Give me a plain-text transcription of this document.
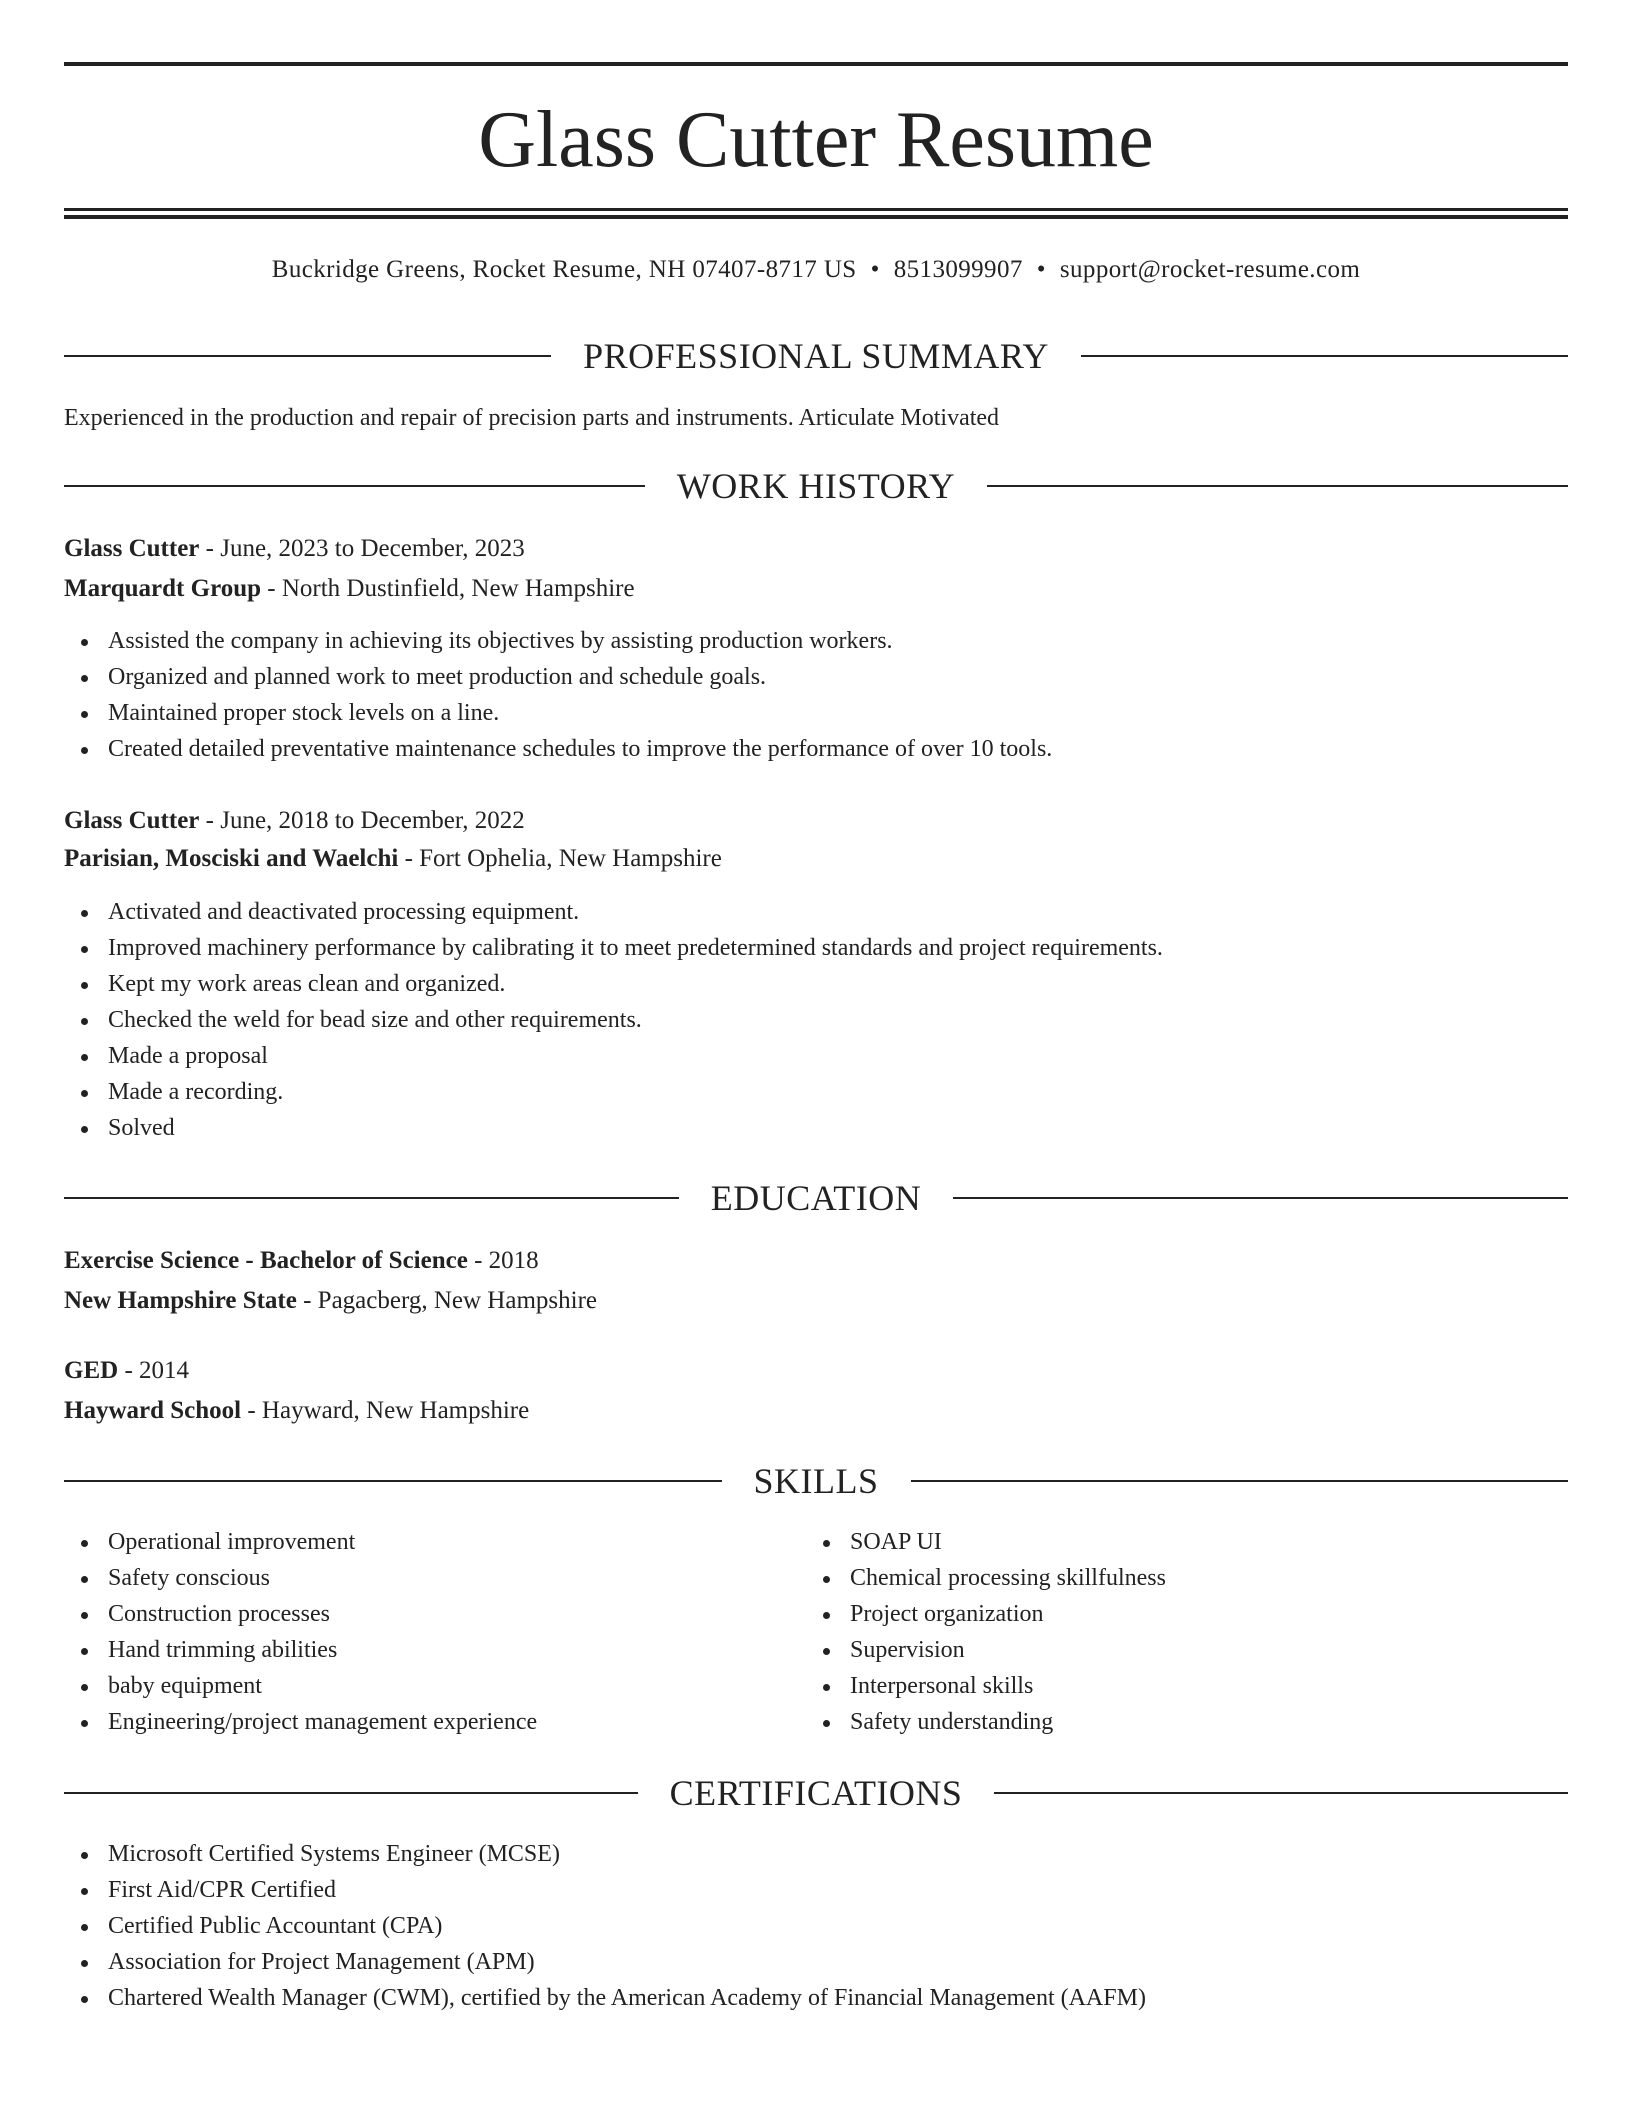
Glass Cutter Resume
Buckridge Greens, Rocket Resume, NH 07407-8717 US • 8513099907 • support@rocket-resume.com
PROFESSIONAL SUMMARY
Experienced in the production and repair of precision parts and instruments. Articulate Motivated
WORK HISTORY
Glass Cutter - June, 2023 to December, 2023
Marquardt Group - North Dustinfield, New Hampshire
Assisted the company in achieving its objectives by assisting production workers.
Organized and planned work to meet production and schedule goals.
Maintained proper stock levels on a line.
Created detailed preventative maintenance schedules to improve the performance of over 10 tools.
Glass Cutter - June, 2018 to December, 2022
Parisian, Mosciski and Waelchi - Fort Ophelia, New Hampshire
Activated and deactivated processing equipment.
Improved machinery performance by calibrating it to meet predetermined standards and project requirements.
Kept my work areas clean and organized.
Checked the weld for bead size and other requirements.
Made a proposal
Made a recording.
Solved
EDUCATION
Exercise Science - Bachelor of Science - 2018
New Hampshire State - Pagacberg, New Hampshire
GED - 2014
Hayward School - Hayward, New Hampshire
SKILLS
Operational improvement
Safety conscious
Construction processes
Hand trimming abilities
baby equipment
Engineering/project management experience
SOAP UI
Chemical processing skillfulness
Project organization
Supervision
Interpersonal skills
Safety understanding
CERTIFICATIONS
Microsoft Certified Systems Engineer (MCSE)
First Aid/CPR Certified
Certified Public Accountant (CPA)
Association for Project Management (APM)
Chartered Wealth Manager (CWM), certified by the American Academy of Financial Management (AAFM)
